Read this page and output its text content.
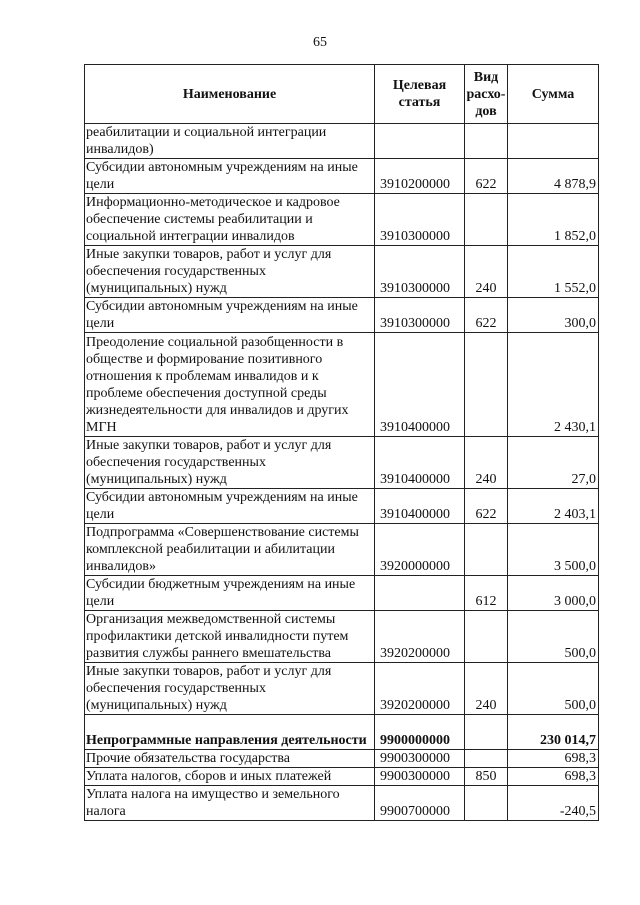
65
Наименование	Целевая статья	Вид расхо-дов	Сумма
реабилитации и социальной интеграции инвалидов)			
Субсидии автономным учреждениям на иные цели	3910200000	622	4 878,9
Информационно-методическое и кадровое обеспечение системы реабилитации и социальной интеграции инвалидов	3910300000		1 852,0
Иные закупки товаров, работ и услуг для обеспечения государственных (муниципальных) нужд	3910300000	240	1 552,0
Субсидии автономным учреждениям на иные цели	3910300000	622	300,0
Преодоление социальной разобщенности в обществе и формирование позитивного отношения к проблемам инвалидов и к проблеме обеспечения доступной среды жизнедеятельности для инвалидов и других МГН	3910400000		2 430,1
Иные закупки товаров, работ и услуг для обеспечения государственных (муниципальных) нужд	3910400000	240	27,0
Субсидии автономным учреждениям на иные цели	3910400000	622	2 403,1
Подпрограмма «Совершенствование системы комплексной реабилитации и абилитации инвалидов»	3920000000		3 500,0
Субсидии бюджетным учреждениям на иные цели		612	3 000,0
Организация межведомственной системы профилактики детской инвалидности путем развития службы раннего вмешательства	3920200000		500,0
Иные закупки товаров, работ и услуг для обеспечения государственных (муниципальных) нужд	3920200000	240	500,0
Непрограммные направления деятельности	9900000000		230 014,7
Прочие обязательства государства	9900300000		698,3
Уплата налогов, сборов и иных платежей	9900300000	850	698,3
Уплата налога на имущество и земельного налога	9900700000		-240,5
